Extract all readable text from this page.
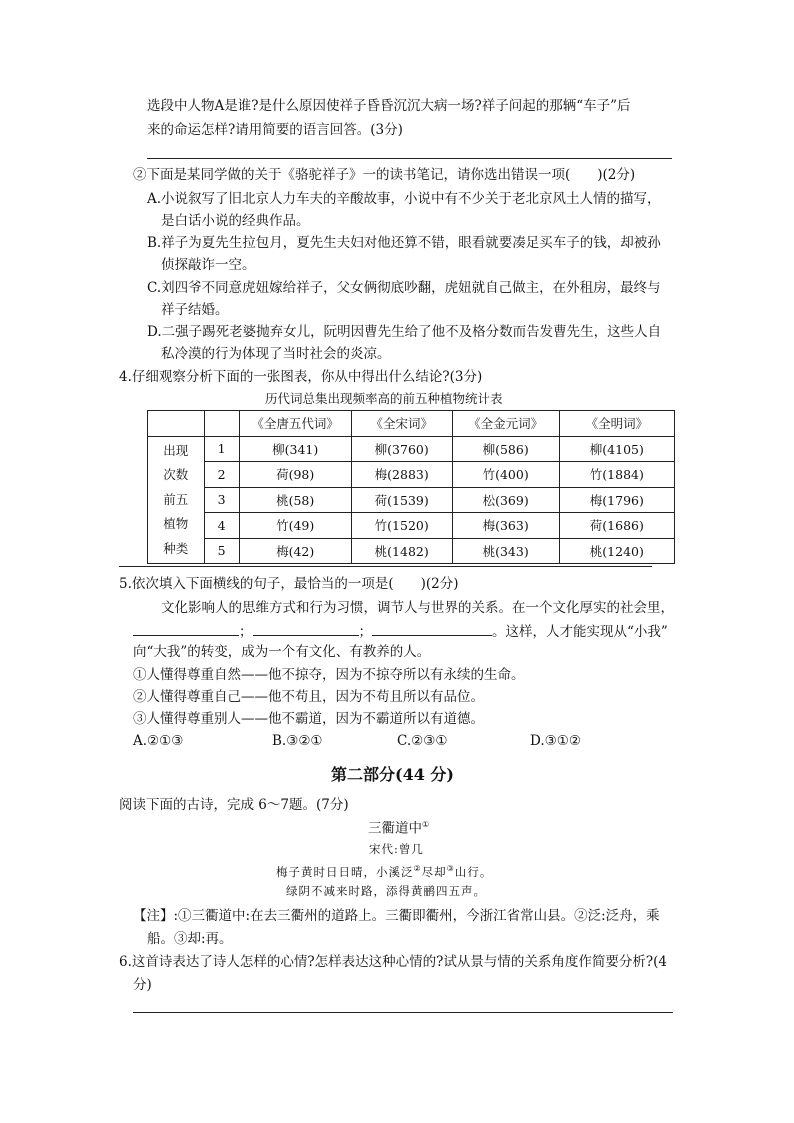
选段中人物A是谁?是什么原因使祥子昏昏沉沉大病一场?祥子问起的那辆“车子”后
来的命运怎样?请用简要的语言回答。(3分)
②下面是某同学做的关于《骆驼祥子》一的读书笔记，请你选出错误一项(　　)(2分)
A.小说叙写了旧北京人力车夫的辛酸故事，小说中有不少关于老北京风土人情的描写，
是白话小说的经典作品。
B.祥子为夏先生拉包月，夏先生夫妇对他还算不错，眼看就要凑足买车子的钱，却被孙
侦探敲诈一空。
C.刘四爷不同意虎妞嫁给祥子，父女俩彻底吵翻，虎妞就自己做主，在外租房，最终与
祥子结婚。
D.二强子踢死老婆抛弃女儿，阮明因曹先生给了他不及格分数而告发曹先生，这些人自
私冷漠的行为体现了当时社会的炎凉。
4.仔细观察分析下面的一张图表，你从中得出什么结论?(3分)
历代词总集出现频率高的前五种植物统计表
		《全唐五代词》	《全宋词》	《全金元词》	《全明词》

出现
次数
前五
植物
种类	1	柳(341)	柳(3760)	柳(586)	柳(4105)
	2	荷(98)	梅(2883)	竹(400)	竹(1884)
	3	桃(58)	荷(1539)	松(369)	梅(1796)
	4	竹(49)	竹(1520)	梅(363)	荷(1686)
	5	梅(42)	桃(1482)	桃(343)	桃(1240)
5.依次填入下面横线的句子，最恰当的一项是(　　)(2分)
文化影响人的思维方式和行为习惯，调节人与世界的关系。在一个文化厚实的社会里，
；	；	。这样，人才能实现从“小我”
向“大我”的转变，成为一个有文化、有教养的人。
①人懂得尊重自然——他不掠夺，因为不掠夺所以有永续的生命。
②人懂得尊重自己——他不苟且，因为不苟且所以有品位。
③人懂得尊重别人——他不霸道，因为不霸道所以有道德。
A.②①③	B.③②①	C.②③①	D.③①②
第二部分(44 分)
阅读下面的古诗，完成 6～7题。(7分)
三衢道中①
宋代:曾几
梅子黄时日日晴，小溪泛②尽却③山行。
绿阴不减来时路，添得黄鹂四五声。
【注】:①三衢道中:在去三衢州的道路上。三衢即衢州，今浙江省常山县。②泛:泛舟，乘
船。③却:再。
6.这首诗表达了诗人怎样的心情?怎样表达这种心情的?试从景与情的关系角度作简要分析?(4
分)
